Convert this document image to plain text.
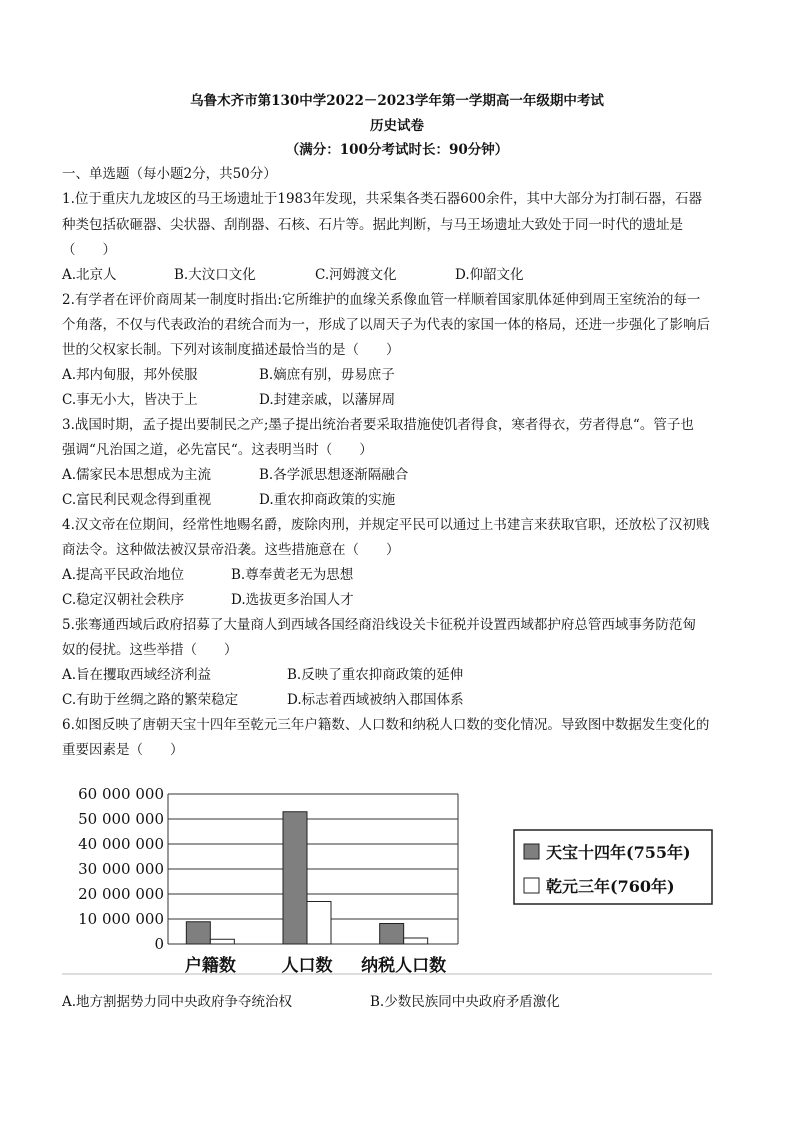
乌鲁木齐市第130中学2022－2023学年第一学期高一年级期中考试
历史试卷
（满分：100分考试时长：90分钟）
一、单选题（每小题2分，共50分）
1.位于重庆九龙坡区的马王场遗址于1983年发现，共采集各类石器600余件，其中大部分为打制石器，石器
种类包括砍砸器、尖状器、刮削器、石核、石片等。据此判断，与马王场遗址大致处于同一时代的遗址是
（　　）
A.北京人	B.大汶口文化	C.河姆渡文化	D.仰韶文化
2.有学者在评价商周某一制度时指出:它所维护的血缘关系像血管一样顺着国家肌体延伸到周王室统治的每一
个角落，不仅与代表政治的君统合而为一，形成了以周天子为代表的家国一体的格局，还进一步强化了影响后
世的父权家长制。下列对该制度描述最恰当的是（　　）
A.邦内甸服，邦外侯服	B.嫡庶有别，毋易庶子
C.事无小大，皆决于上	D.封建亲戚，以藩屏周
3.战国时期，孟子提出要制民之产;墨子提出统治者要采取措施使饥者得食，寒者得衣，劳者得息“。管子也
强调“凡治国之道，必先富民“。这表明当时（　　）
A.儒家民本思想成为主流	B.各学派思想逐渐隔融合
C.富民利民观念得到重视	D.重农抑商政策的实施
4.汉文帝在位期间，经常性地赐名爵，废除肉刑，并规定平民可以通过上书建言来获取官职，还放松了汉初贱
商法令。这种做法被汉景帝沿袭。这些措施意在（　　）
A.提高平民政治地位	B.尊奉黄老无为思想
C.稳定汉朝社会秩序	D.选拔更多治国人才
5.张骞通西域后政府招募了大量商人到西域各国经商沿线设关卡征税并设置西域都护府总管西域事务防范匈
奴的侵扰。这些举措（　　）
A.旨在攫取西域经济利益	B.反映了重农抑商政策的延伸
C.有助于丝绸之路的繁荣稳定	D.标志着西域被纳入郡国体系
6.如图反映了唐朝天宝十四年至乾元三年户籍数、人口数和纳税人口数的变化情况。导致图中数据发生变化的
重要因素是（　　）
60 000 000
50 000 000
40 000 000
30 000 000
20 000 000
10 000 000
0
户籍数	人口数 纳税人口数
天宝十四年(755年)
乾元三年(760年)
A.地方割据势力同中央政府争夺统治权	B.少数民族同中央政府矛盾激化
